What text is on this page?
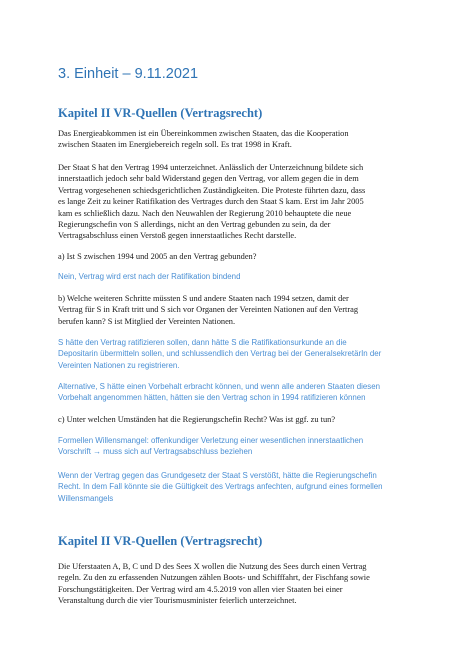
3. Einheit – 9.11.2021
Kapitel II VR-Quellen (Vertragsrecht)

Das Energieabkommen ist ein Übereinkommen zwischen Staaten, das die Kooperation
zwischen Staaten im Energiebereich regeln soll. Es trat 1998 in Kraft.

Der Staat S hat den Vertrag 1994 unterzeichnet. Anlässlich der Unterzeichnung bildete sich
innerstaatlich jedoch sehr bald Widerstand gegen den Vertrag, vor allem gegen die in dem
Vertrag vorgesehenen schiedsgerichtlichen Zuständigkeiten. Die Proteste führten dazu, dass
es lange Zeit zu keiner Ratifikation des Vertrages durch den Staat S kam. Erst im Jahr 2005
kam es schließlich dazu. Nach den Neuwahlen der Regierung 2010 behauptete die neue
Regierungschefin von S allerdings, nicht an den Vertrag gebunden zu sein, da der
Vertragsabschluss einen Verstoß gegen innerstaatliches Recht darstelle.

a) Ist S zwischen 1994 und 2005 an den Vertrag gebunden?

Nein, Vertrag wird erst nach der Ratifikation bindend

b) Welche weiteren Schritte müssten S und andere Staaten nach 1994 setzen, damit der
Vertrag für S in Kraft tritt und S sich vor Organen der Vereinten Nationen auf den Vertrag
berufen kann? S ist Mitglied der Vereinten Nationen.

S hätte den Vertrag ratifizieren sollen, dann hätte S die Ratifikationsurkunde an die
Depositarin übermitteln sollen, und schlussendlich den Vertrag bei der GeneralsekretärIn der
Vereinten Nationen zu registrieren.

Alternative, S hätte einen Vorbehalt erbracht können, und wenn alle anderen Staaten diesen
Vorbehalt angenommen hätten, hätten sie den Vertrag schon in 1994 ratifizieren können

c) Unter welchen Umständen hat die Regierungschefin Recht? Was ist ggf. zu tun?

Formellen Willensmangel: offenkundiger Verletzung einer wesentlichen innerstaatlichen
Vorschrift → muss sich auf Vertragsabschluss beziehen

Wenn der Vertrag gegen das Grundgesetz der Staat S verstößt, hätte die Regierungschefin
Recht. In dem Fall könnte sie die Gültigkeit des Vertrags anfechten, aufgrund eines formellen
Willensmangels

Kapitel II VR-Quellen (Vertragsrecht)

Die Uferstaaten A, B, C und D des Sees X wollen die Nutzung des Sees durch einen Vertrag
regeln. Zu den zu erfassenden Nutzungen zählen Boots- und Schifffahrt, der Fischfang sowie
Forschungstätigkeiten. Der Vertrag wird am 4.5.2019 von allen vier Staaten bei einer
Veranstaltung durch die vier Tourismusminister feierlich unterzeichnet.
